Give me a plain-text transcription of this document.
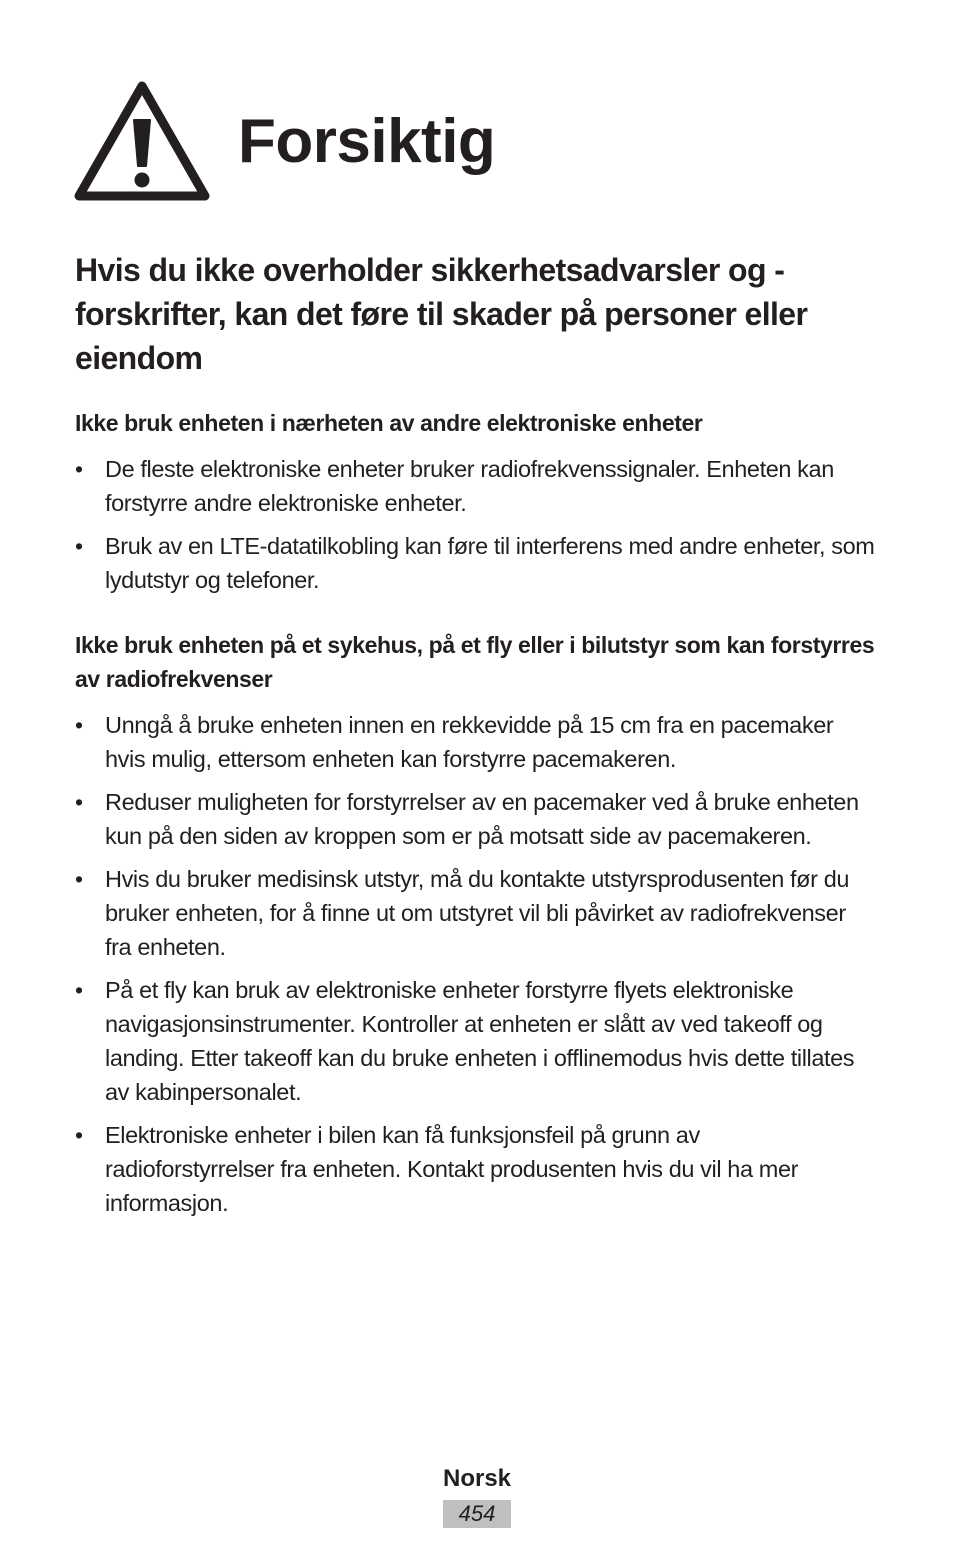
Forsiktig
Hvis du ikke overholder sikkerhetsadvarsler og -forskrifter, kan det føre til skader på personer eller eiendom
Ikke bruk enheten i nærheten av andre elektroniske enheter
• De fleste elektroniske enheter bruker radiofrekvenssignaler. Enheten kan forstyrre andre elektroniske enheter.
• Bruk av en LTE-datatilkobling kan føre til interferens med andre enheter, som lydutstyr og telefoner.
Ikke bruk enheten på et sykehus, på et fly eller i bilutstyr som kan forstyrres av radiofrekvenser
• Unngå å bruke enheten innen en rekkevidde på 15 cm fra en pacemaker hvis mulig, ettersom enheten kan forstyrre pacemakeren.
• Reduser muligheten for forstyrrelser av en pacemaker ved å bruke enheten kun på den siden av kroppen som er på motsatt side av pacemakeren.
• Hvis du bruker medisinsk utstyr, må du kontakte utstyrsprodusenten før du bruker enheten, for å finne ut om utstyret vil bli påvirket av radiofrekvenser fra enheten.
• På et fly kan bruk av elektroniske enheter forstyrre flyets elektroniske navigasjonsinstrumenter. Kontroller at enheten er slått av ved takeoff og landing. Etter takeoff kan du bruke enheten i offlinemodus hvis dette tillates av kabinpersonalet.
• Elektroniske enheter i bilen kan få funksjonsfeil på grunn av radioforstyrrelser fra enheten. Kontakt produsenten hvis du vil ha mer informasjon.
Norsk
454
